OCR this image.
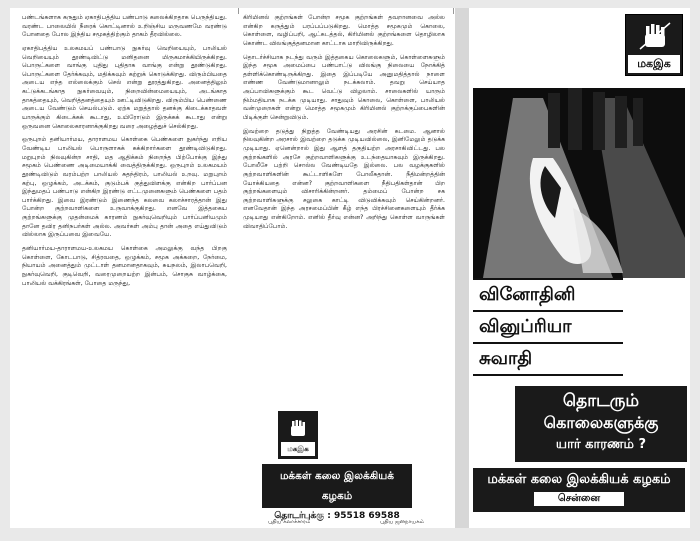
பண்டங்களாக கருதும் ஏகாதிபத்திய பண்பாடு கலைக்கிறதாக பெருந்தியது. வரண்ட பாலையில் நீரைக் கொட்டினால் உறிஞ்சிய மருவணமே வரண்டு போனதை போல இந்திய சமூகத்திற்கும் தாகம் தீரவில்லை.

ஏகாதிபத்திய உலகமயப் பண்பாடு நுகர்வு வெறியையும், பாலியல் வெறியையும் தூண்டிவிட்டு மனிதனை மிருகமாக்கியிருக்கிறது. பொருட்களை வாங்கு புதிது புதிதாக வாங்கு என்று தூண்டுகிறது. பொருட்களை தேர்க்கவும், மதிக்கவும் கற்றுக் கொடுக்கிறது. விரும்பியதை அடைய எந்த எல்லைக்கும் செல் என்று தூரத்துகிறது. அனைத்திலும் கட்டுக்கடங்காத நுகர்வையும், நிறைவின்மையையும், அடங்காத தாகத்தையும், வெறித்தனத்தையும் ஊட்டிவிடுகிறது. விரும்பிய பெண்ணை அடைய வேண்டும் செயல்படும். ஏற்க மறுத்தால் தனக்கு கிடைக்காதவள் யாருக்கும் கிடைக்கக் கூடாது, உயிரோடும் இருக்கக் கூடாது என்று ஒருவனை கொலைகாரனாக்குகிறது வரை அழைத்துச் செல்கிறது.

ஒருபுறம் தனியார்மய, தாராளமய கொள்கை பெண்களை நுகர்ந்து எறிய வேண்டிய பாலியல் பொருளாகக் கக்கிறார்களை தூண்டிவிடுகிறது. மறுபுறம் நிலவுகின்ற சாதி, மத ஆதிக்கம் நிறைந்த பிற்போக்கு இந்து சமூகம் பெண்ணை அடிமையாக்கி வைத்திருக்கிறது. ஒருபுறம் உலகமயம் தூண்டிவிடும் வரம்பற்ற பாலியல் சுதந்திரம், பாலியல் உறவு. மறுபுறம் கற்பு, ஒழுக்கம், அடக்கம், குடும்பக் குத்துவிளக்கு என்கிற பார்ப்பன இந்துமதப் பண்பாடு என்கிற இரண்டு எட்டமுனைகளும் பெண்களை பதம் பார்க்கிறது. இவை இரண்டும் இணைந்த கலவை கலாச்சாரத்தான் இது போன்ற குற்றவாளிகளை உருவாக்குகிறது. எனவே இத்தகைய குற்றங்களுக்கு முதன்மைக் காரணம் நுகர்வுவெறியும் பார்ப்பனியமும் தானே தவிர தனிநபர்கள் அல்ல. அவர்கள் அம்பு தான் அதை எய்துவிடும் வில்லாக இருப்பவை இவையே.

தனியார்மய-தாராளமய-உலகமய கொள்கை அமலுக்கு வந்த பிறகு கொள்ளை, கோடபாடு, சித்ரவதை, ஒழுக்கம், சமூக அக்கறை, நேர்மை, நியாயம் அனைத்தும் முட்டாள் தனமானதாகவும், சுயநலம், இலாபவெறி, நுகர்வுவெறி, குடிவெறி, வரைமுறையற்ற இன்பம், சொகுசு வாழ்க்கை, பாலியல் வக்கிரங்கள், போதை மருந்து,

கிரிமினல் குற்றங்கள் போன்ற சமூக குற்றங்கள் தவறானவை அல்ல என்கிற கருத்தும் பரப்பப்படுகிறது. மொத்த சமூகமும் கொலை, கொள்ளை, வழிப்பறி, ஆட்கடத்தல், கிரிமினல் குற்றங்களை தொழிலாக கொண்ட விலங்குத்தனமான காட்டாக மாறிவிருக்கிறது.

தொடர்ச்சியாக நடந்து வரும் இத்தகைய கொலைகளும், கொள்ளைகளும் இந்த சமூக அமைப்பை பண்பாட்டு விலங்கு நிலையை நோக்கித் தள்ளிக்கொண்டிருக்கிறது. இதை இப்படியே அனுமதித்தால் நாளை எண்ண வேண்டுமானாலும் நடக்கலாம். தவறு செய்யாத அப்பாவிகளுக்கும் கூட வெட்டு விழலாம். சாலைகளில் யாரும் நிம்மதியாக நடக்க முடியாது. சாதுவும் கொலை, கொள்ளை, பாலியல் வன்முறைகள் என்று மொத்த சமூகமும் கிரிமினல் குற்றக்குப்பைகளின் பிடிக்குள் சென்றுவிடும்.

இவற்றை தடுத்து நிறுத்த வேண்டியது அரசின் கடமை. ஆனால் நிலவுகின்ற அரசால் இவற்றை தடுக்க முடியவில்லை, இனிமேலும் தடுக்க முடியாது. ஏனென்றால் இது ஆளத் தகுதியற்ற அரசாகிவிட்டது. பல குற்றங்களில் அரசே குற்றவாளிகளுக்கு உடந்தையாகவும் இருக்கிறது. போலீசே பற்றி சொல்ல வேண்டியதே இல்லை. பல வழக்குகளில் குற்றவாளிகளின் கூட்டாளிகளே போலீசுதான். நீதிமன்றத்தின் யோக்கியதை என்ன? குற்றவாளிகளை நீதிபதிகள்தான் பிற குற்றங்களையும் விசாரிக்கின்றனர். தம்மைப் போன்ற சக குற்றவாளிகளுக்கு சலுகை காட்டி விடுவிக்கவும் செய்கின்றனர். எனவேதான் இந்த அரசமைப்பின் கீழ் எந்த பிரச்சினைகளையும் தீர்க்க முடியாது என்கிறோம். எனில் தீர்வு என்ன? அறிந்து கொள்ள வாருங்கள் விவாதிப்போம்.

மகஇக
மக்கள் கலை இலக்கியக் கழகம்
தொடர்புக்கு : 95518 69588
புதிய கலாச்சாரம்	புதிய ஜனநாயகம்
மகஇக
வினோதினி
வினுப்ரியா
சுவாதி
தொடரும்
கொலைகளுக்கு
யார் காரணம் ?
மக்கள் கலை இலக்கியக் கழகம்
சென்னை
